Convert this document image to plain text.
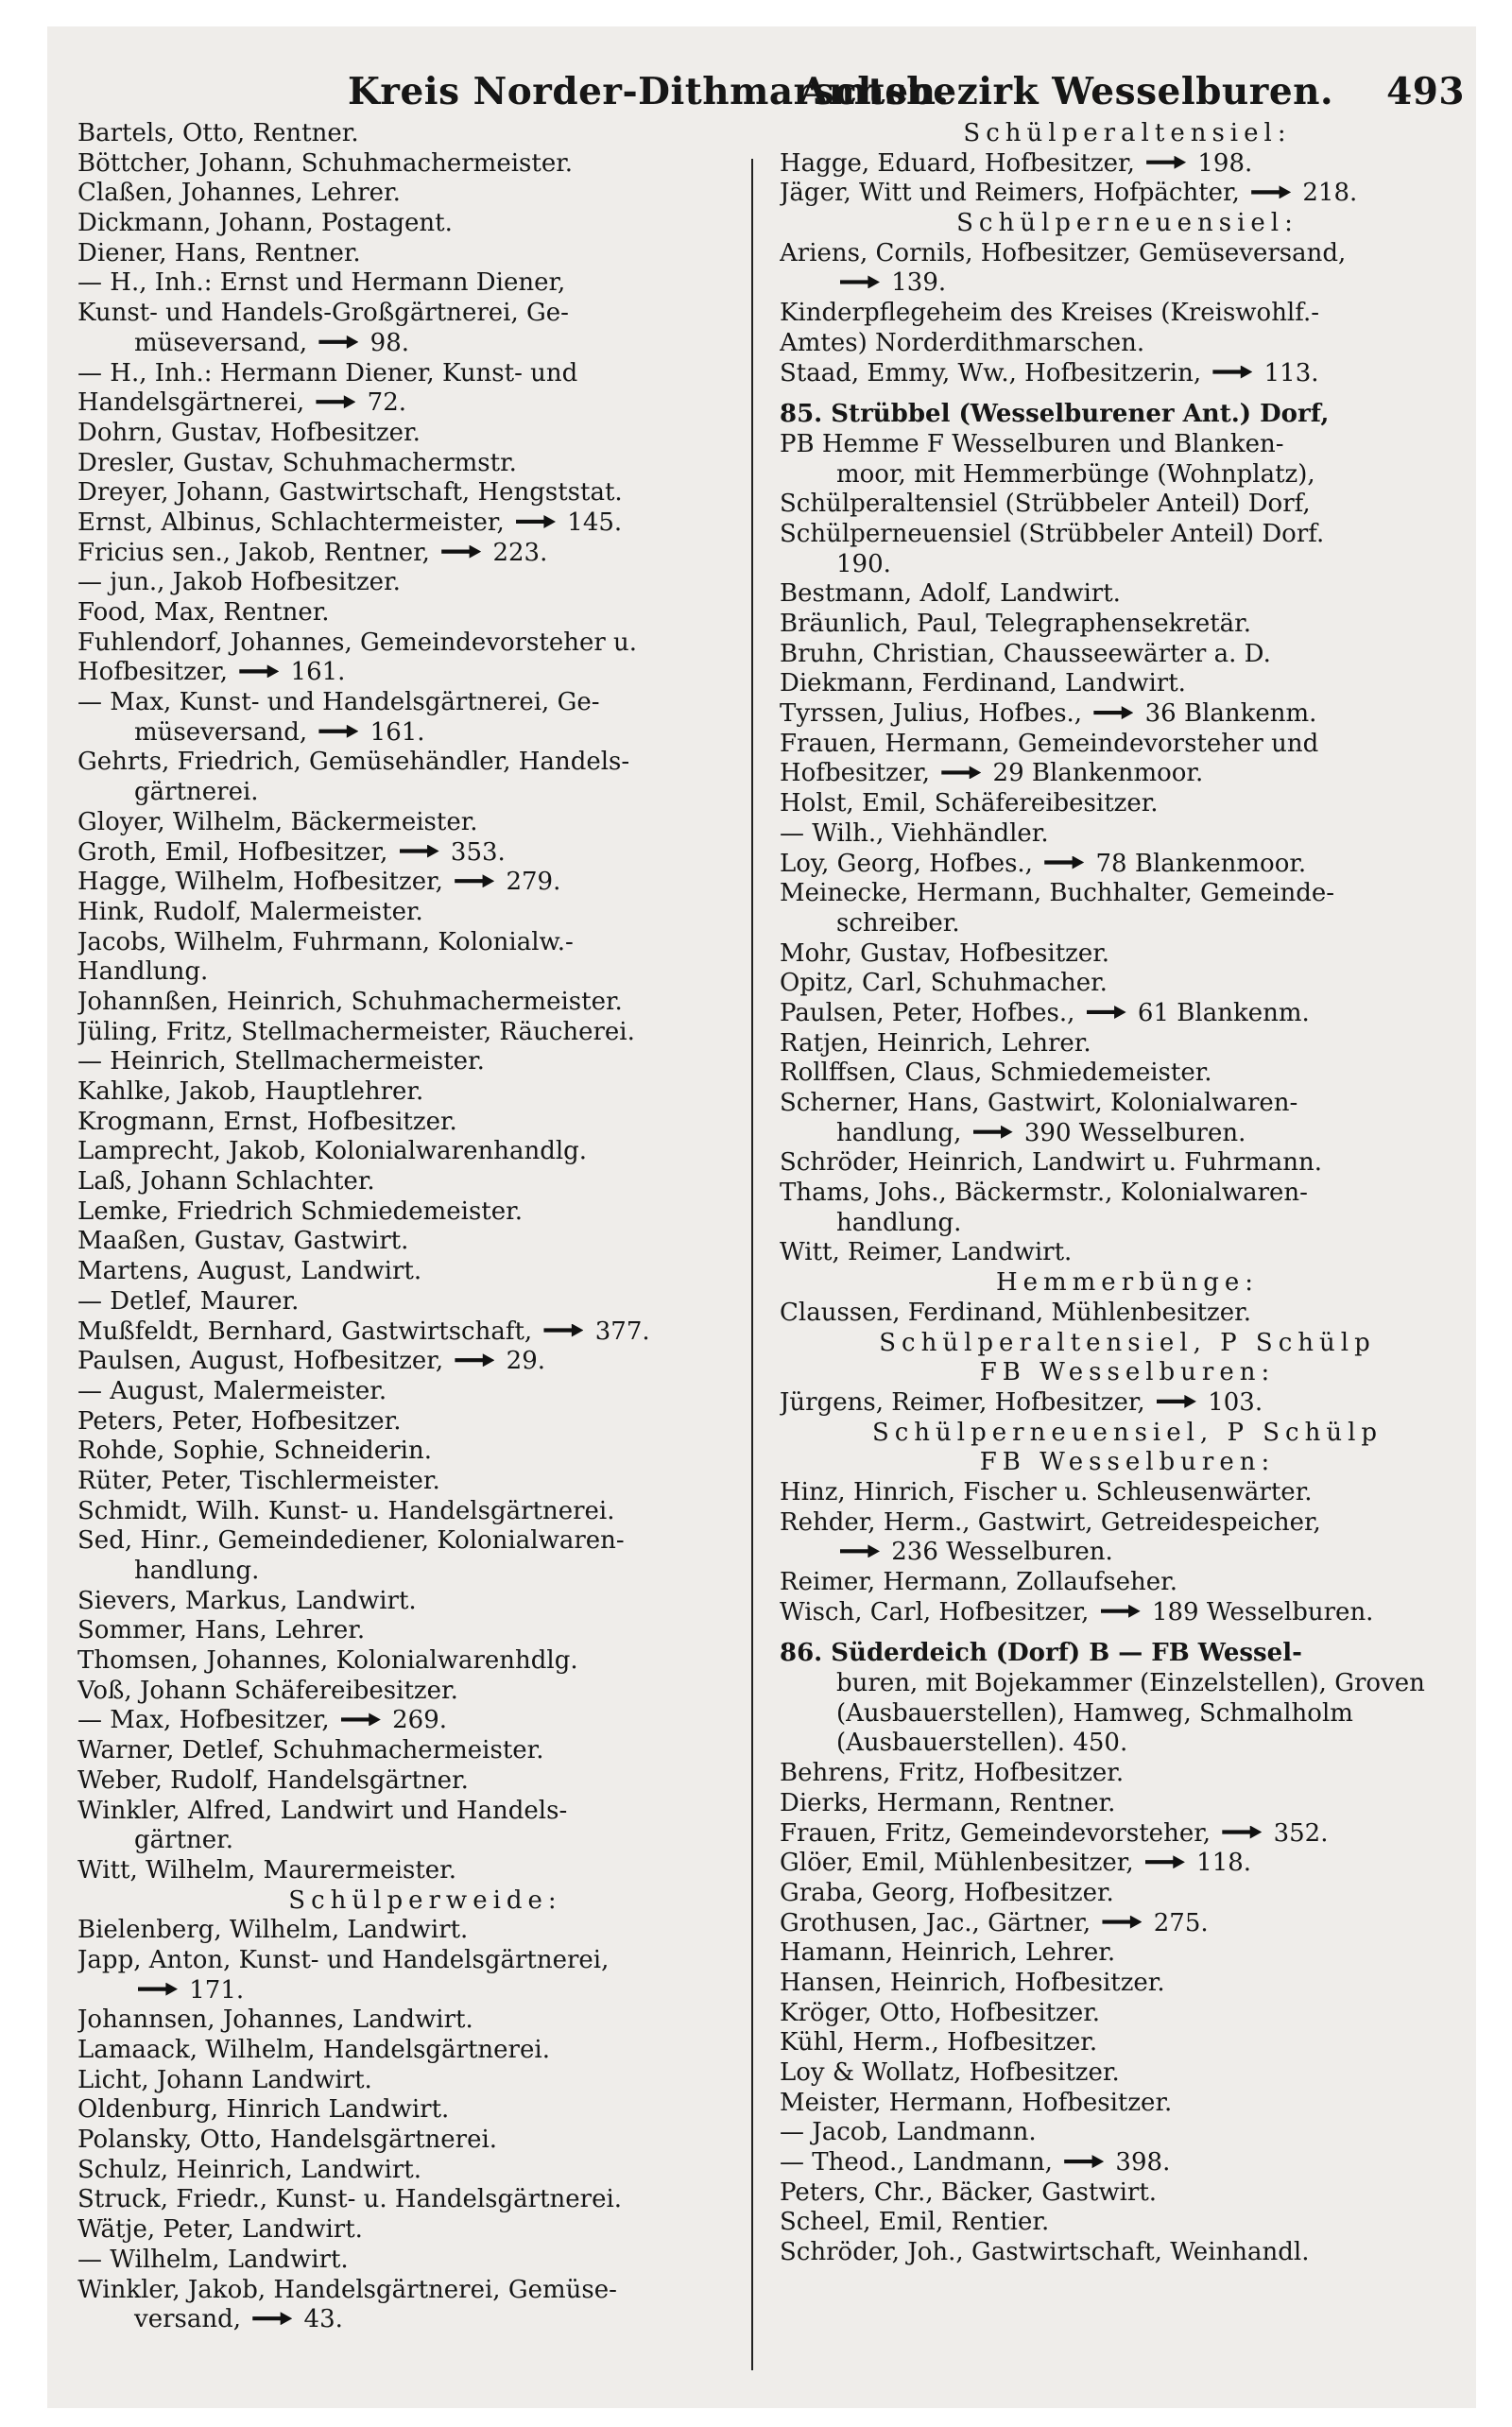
Kreis Norder-Dithmarschen.
Amtsbezirk Wesselburen. 493
Bartels, Otto, Rentner.
Böttcher, Johann, Schuhmachermeister.
Claßen, Johannes, Lehrer.
Dickmann, Johann, Postagent.
Diener, Hans, Rentner.
— H., Inh.: Ernst und Hermann Diener,
Kunst- und Handels-Großgärtnerei, Ge-
müseversand,  98.
— H., Inh.: Hermann Diener, Kunst- und
Handelsgärtnerei,  72.
Dohrn, Gustav, Hofbesitzer.
Dresler, Gustav, Schuhmachermstr.
Dreyer, Johann, Gastwirtschaft, Hengststat.
Ernst, Albinus, Schlachtermeister,  145.
Fricius sen., Jakob, Rentner,  223.
— jun., Jakob Hofbesitzer.
Food, Max, Rentner.
Fuhlendorf, Johannes, Gemeindevorsteher u.
Hofbesitzer,  161.
— Max, Kunst- und Handelsgärtnerei, Ge-
müseversand,  161.
Gehrts, Friedrich, Gemüsehändler, Handels-
gärtnerei.
Gloyer, Wilhelm, Bäckermeister.
Groth, Emil, Hofbesitzer,  353.
Hagge, Wilhelm, Hofbesitzer,  279.
Hink, Rudolf, Malermeister.
Jacobs, Wilhelm, Fuhrmann, Kolonialw.-
Handlung.
Johannßen, Heinrich, Schuhmachermeister.
Jüling, Fritz, Stellmachermeister, Räucherei.
— Heinrich, Stellmachermeister.
Kahlke, Jakob, Hauptlehrer.
Krogmann, Ernst, Hofbesitzer.
Lamprecht, Jakob, Kolonialwarenhandlg.
Laß, Johann Schlachter.
Lemke, Friedrich Schmiedemeister.
Maaßen, Gustav, Gastwirt.
Martens, August, Landwirt.
— Detlef, Maurer.
Mußfeldt, Bernhard, Gastwirtschaft,  377.
Paulsen, August, Hofbesitzer,  29.
— August, Malermeister.
Peters, Peter, Hofbesitzer.
Rohde, Sophie, Schneiderin.
Rüter, Peter, Tischlermeister.
Schmidt, Wilh. Kunst- u. Handelsgärtnerei.
Sed, Hinr., Gemeindediener, Kolonialwaren-
handlung.
Sievers, Markus, Landwirt.
Sommer, Hans, Lehrer.
Thomsen, Johannes, Kolonialwarenhdlg.
Voß, Johann Schäfereibesitzer.
— Max, Hofbesitzer,  269.
Warner, Detlef, Schuhmachermeister.
Weber, Rudolf, Handelsgärtner.
Winkler, Alfred, Landwirt und Handels-
gärtner.
Witt, Wilhelm, Maurermeister.
Schülperweide:
Bielenberg, Wilhelm, Landwirt.
Japp, Anton, Kunst- und Handelsgärtnerei,
171.
Johannsen, Johannes, Landwirt.
Lamaack, Wilhelm, Handelsgärtnerei.
Licht, Johann Landwirt.
Oldenburg, Hinrich Landwirt.
Polansky, Otto, Handelsgärtnerei.
Schulz, Heinrich, Landwirt.
Struck, Friedr., Kunst- u. Handelsgärtnerei.
Wätje, Peter, Landwirt.
— Wilhelm, Landwirt.
Winkler, Jakob, Handelsgärtnerei, Gemüse-
versand,  43.
Schülperaltensiel:
Hagge, Eduard, Hofbesitzer,  198.
Jäger, Witt und Reimers, Hofpächter,  218.
Schülperneuensiel:
Ariens, Cornils, Hofbesitzer, Gemüseversand,
139.
Kinderpflegeheim des Kreises (Kreiswohlf.-
Amtes) Norderdithmarschen.
Staad, Emmy, Ww., Hofbesitzerin,  113.
85. Strübbel (Wesselburener Ant.) Dorf,
PB Hemme F Wesselburen und Blanken-
moor, mit Hemmerbünge (Wohnplatz),
Schülperaltensiel (Strübbeler Anteil) Dorf,
Schülperneuensiel (Strübbeler Anteil) Dorf.
190.
Bestmann, Adolf, Landwirt.
Bräunlich, Paul, Telegraphensekretär.
Bruhn, Christian, Chausseewärter a. D.
Diekmann, Ferdinand, Landwirt.
Tyrssen, Julius, Hofbes.,  36 Blankenm.
Frauen, Hermann, Gemeindevorsteher und
Hofbesitzer,  29 Blankenmoor.
Holst, Emil, Schäfereibesitzer.
— Wilh., Viehhändler.
Loy, Georg, Hofbes.,  78 Blankenmoor.
Meinecke, Hermann, Buchhalter, Gemeinde-
schreiber.
Mohr, Gustav, Hofbesitzer.
Opitz, Carl, Schuhmacher.
Paulsen, Peter, Hofbes.,  61 Blankenm.
Ratjen, Heinrich, Lehrer.
Rollffsen, Claus, Schmiedemeister.
Scherner, Hans, Gastwirt, Kolonialwaren-
handlung,  390 Wesselburen.
Schröder, Heinrich, Landwirt u. Fuhrmann.
Thams, Johs., Bäckermstr., Kolonialwaren-
handlung.
Witt, Reimer, Landwirt.
Hemmerbünge:
Claussen, Ferdinand, Mühlenbesitzer.
Schülperaltensiel, P Schülp
FB Wesselburen:
Jürgens, Reimer, Hofbesitzer,  103.
Schülperneuensiel, P Schülp
FB Wesselburen:
Hinz, Hinrich, Fischer u. Schleusenwärter.
Rehder, Herm., Gastwirt, Getreidespeicher,
236 Wesselburen.
Reimer, Hermann, Zollaufseher.
Wisch, Carl, Hofbesitzer,  189 Wesselburen.
86. Süderdeich (Dorf) B — FB Wessel-
buren, mit Bojekammer (Einzelstellen), Groven
(Ausbauerstellen), Hamweg, Schmalholm
(Ausbauerstellen). 450.
Behrens, Fritz, Hofbesitzer.
Dierks, Hermann, Rentner.
Frauen, Fritz, Gemeindevorsteher,  352.
Glöer, Emil, Mühlenbesitzer,  118.
Graba, Georg, Hofbesitzer.
Grothusen, Jac., Gärtner,  275.
Hamann, Heinrich, Lehrer.
Hansen, Heinrich, Hofbesitzer.
Kröger, Otto, Hofbesitzer.
Kühl, Herm., Hofbesitzer.
Loy & Wollatz, Hofbesitzer.
Meister, Hermann, Hofbesitzer.
— Jacob, Landmann.
— Theod., Landmann,  398.
Peters, Chr., Bäcker, Gastwirt.
Scheel, Emil, Rentier.
Schröder, Joh., Gastwirtschaft, Weinhandl.
